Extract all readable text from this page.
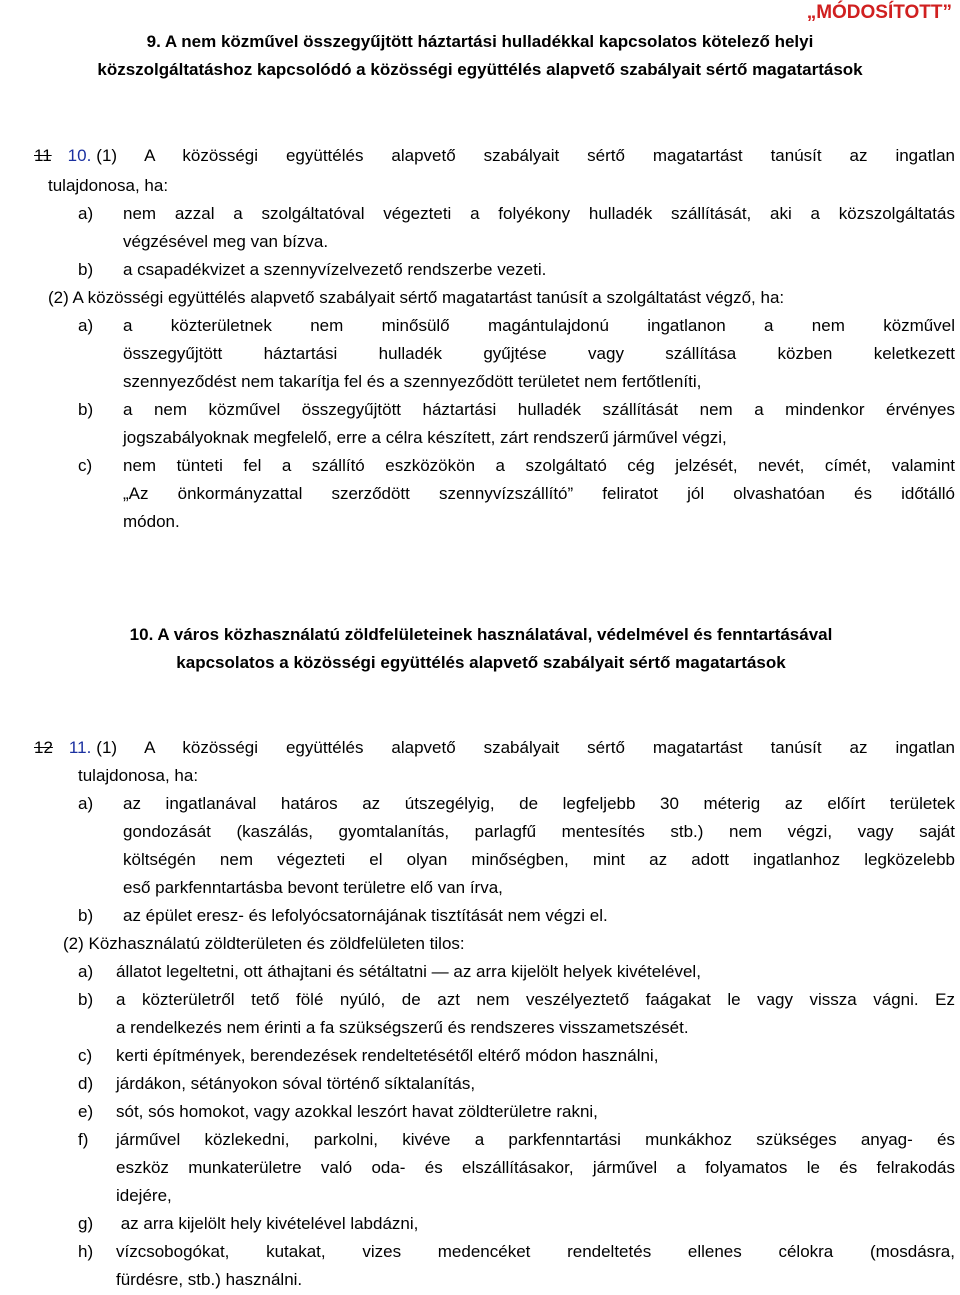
„MÓDOSÍTOTT”
9. A nem közművel összegyűjtött háztartási hulladékkal kapcsolatos kötelező helyi
közszolgáltatáshoz kapcsolódó a közösségi együttélés alapvető szabályait sértő magatartások
11 10. (1) A közösségi együttélés alapvető szabályait sértő magatartást tanúsít az ingatlan
tulajdonosa, ha:
a) nem azzal a szolgáltatóval végezteti a folyékony hulladék szállítását, aki a közszolgáltatás
végzésével meg van bízva.
b) a csapadékvizet a szennyvízelvezető rendszerbe vezeti.
(2) A közösségi együttélés alapvető szabályait sértő magatartást tanúsít a szolgáltatást végző, ha:
a) a közterületnek nem minősülő magántulajdonú ingatlanon a nem közművel
összegyűjtött háztartási hulladék gyűjtése vagy szállítása közben keletkezett
szennyeződést nem takarítja fel és a szennyeződött területet nem fertőtleníti,
b) a nem közművel összegyűjtött háztartási hulladék szállítását nem a mindenkor érvényes
jogszabályoknak megfelelő, erre a célra készített, zárt rendszerű járművel végzi,
c) nem tünteti fel a szállító eszközökön a szolgáltató cég jelzését, nevét, címét, valamint
„Az önkormányzattal szerződött szennyvízszállító” feliratot jól olvashatóan és időtálló
módon.
10. A város közhasználatú zöldfelületeinek használatával, védelmével és fenntartásával
kapcsolatos a közösségi együttélés alapvető szabályait sértő magatartások
12 11. (1) A közösségi együttélés alapvető szabályait sértő magatartást tanúsít az ingatlan
tulajdonosa, ha:
a) az ingatlanával határos az útszegélyig, de legfeljebb 30 méterig az előírt területek
gondozását (kaszálás, gyomtalanítás, parlagfű mentesítés stb.) nem végzi, vagy saját
költségén nem végezteti el olyan minőségben, mint az adott ingatlanhoz legközelebb
eső parkfenntartásba bevont területre elő van írva,
b) az épület eresz- és lefolyócsatornájának tisztítását nem végzi el.
(2) Közhasználatú zöldterületen és zöldfelületen tilos:
a) állatot legeltetni, ott áthajtani és sétáltatni — az arra kijelölt helyek kivételével,
b) a közterületről tető fölé nyúló, de azt nem veszélyeztető faágakat le vagy vissza vágni. Ez
a rendelkezés nem érinti a fa szükségszerű és rendszeres visszametszését.
c) kerti építmények, berendezések rendeltetésétől eltérő módon használni,
d) járdákon, sétányokon sóval történő síktalanítás,
e) sót, sós homokot, vagy azokkal leszórt havat zöldterületre rakni,
f) járművel közlekedni, parkolni, kivéve a parkfenntartási munkákhoz szükséges anyag- és
eszköz munkaterületre való oda- és elszállításakor, járművel a folyamatos le és felrakodás
idejére,
g) az arra kijelölt hely kivételével labdázni,
h) vízcsobogókat, kutakat, vizes medencéket rendeltetés ellenes célokra (mosdásra,
fürdésre, stb.) használni.
